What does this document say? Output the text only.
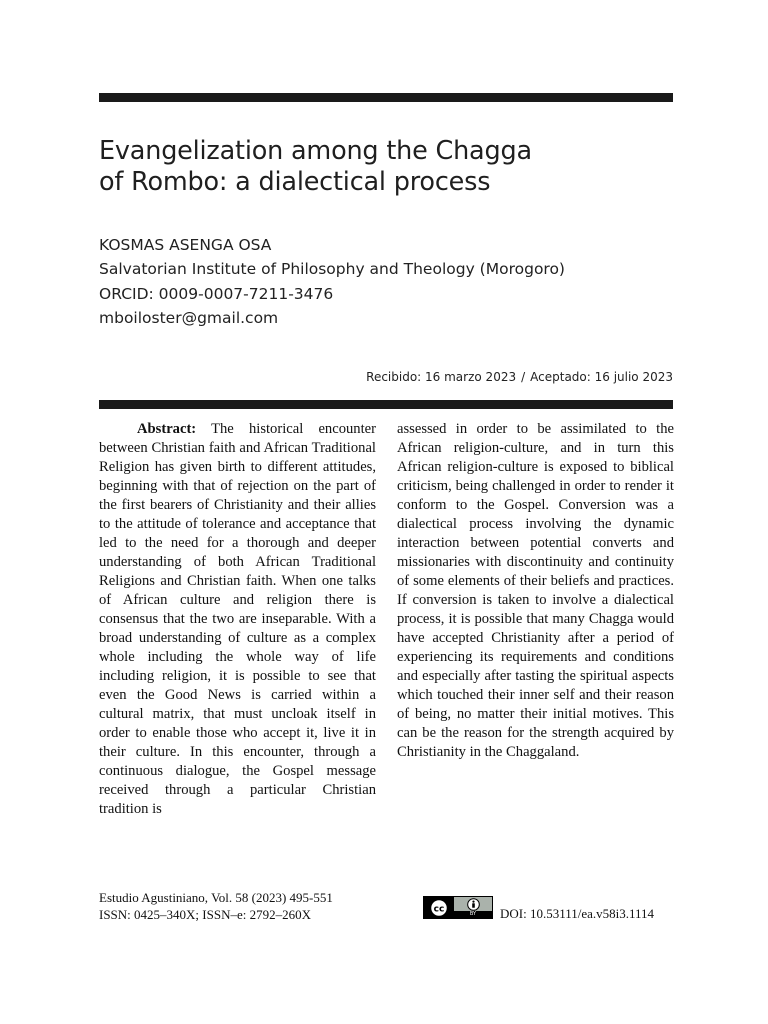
Evangelization among the Chagga
of Rombo: a dialectical process
KOSMAS ASENGA OSA
Salvatorian Institute of Philosophy and Theology (Morogoro)
ORCID: 0009-0007-7211-3476
mboiloster@gmail.com
Recibido: 16 marzo 2023 / Aceptado: 16 julio 2023

Abstract: The historical encounter between Christian faith and African Traditional Religion has given birth to different attitudes, beginning with that of rejection on the part of the first bearers of Christianity and their allies to the attitude of tolerance and acceptance that led to the need for a thorough and deeper understanding of both African Traditional Religions and Christian faith. When one talks of African culture and religion there is consensus that the two are inseparable. With a broad understanding of culture as a complex whole including the whole way of life including religion, it is possible to see that even the Good News is carried within a cultural matrix, that must uncloak itself in order to enable those who accept it, live it in their culture. In this encounter, through a continuous dialogue, the Gospel message received through a particular Christian tradition is

assessed in order to be assimilated to the African religion-culture, and in turn this African religion-culture is exposed to biblical criticism, being challenged in order to render it conform to the Gospel. Conversion was a dialectical process involving the dynamic interaction between potential converts and missionaries with discontinuity and continuity of some elements of their beliefs and practices. If conversion is taken to involve a dialectical process, it is possible that many Chagga would have accepted Christianity after a period of experiencing its requirements and conditions and especially after tasting the spiritual aspects which touched their inner self and their reason of being, no matter their initial motives. This can be the reason for the strength acquired by Christianity in the Chaggaland.

Estudio Agustiniano, Vol. 58 (2023) 495-551
ISSN: 0425–340X; ISSN–e: 2792–260X	cc	BY	DOI: 10.53111/ea.v58i3.1114
